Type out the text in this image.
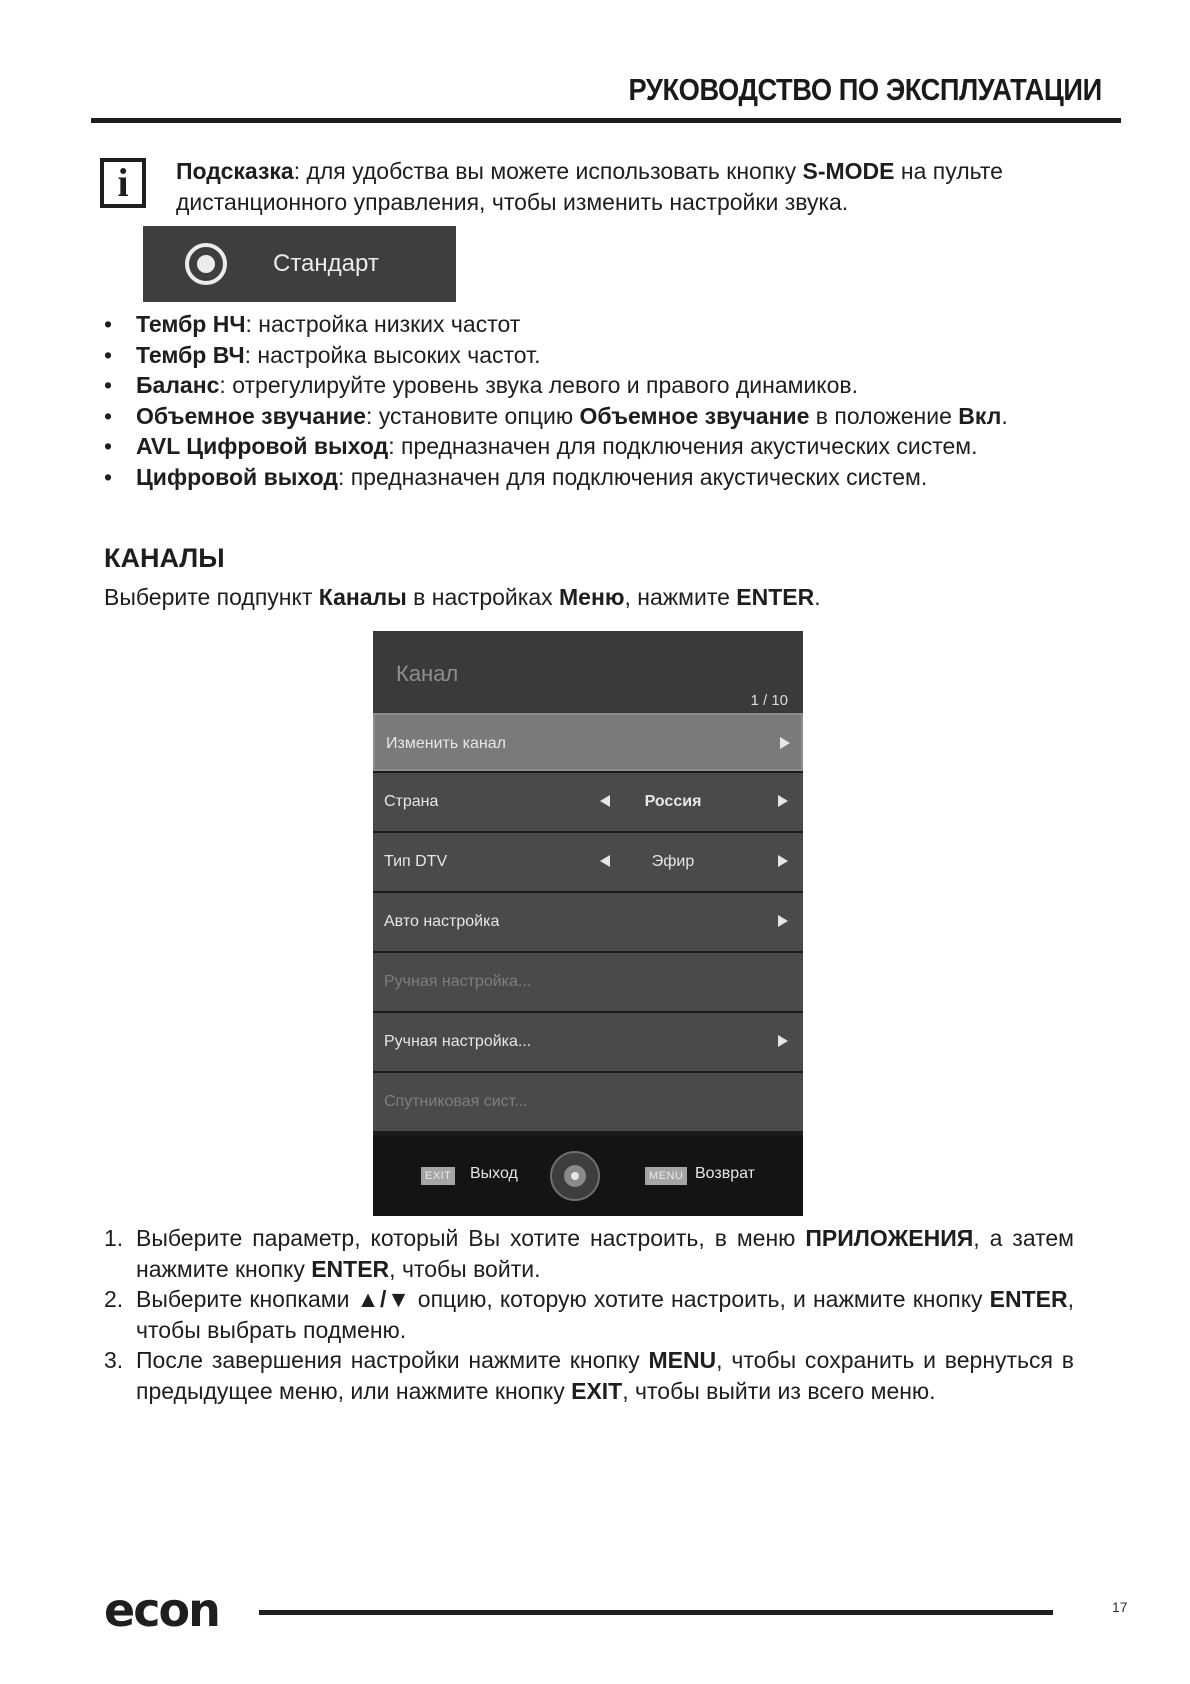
РУКОВОДСТВО ПО ЭКСПЛУАТАЦИИ
i	Подсказка: для удобства вы можете использовать кнопку S-MODE на пульте дистанционного управления, чтобы изменить настройки звука.
Стандарт
• Тембр НЧ: настройка низких частот
• Тембр ВЧ: настройка высоких частот.
• Баланс: отрегулируйте уровень звука левого и правого динамиков.
• Объемное звучание: установите опцию Объемное звучание в положение Вкл.
• AVL Цифровой выход: предназначен для подключения акустических систем.
• Цифровой выход: предназначен для подключения акустических систем.
КАНАЛЫ
Выберите подпункт Каналы в настройках Меню, нажмите ENTER.
Канал
1 / 10
Изменить канал
Страна	Россия
Тип DTV	Эфир
Авто настройка
Ручная настройка...
Ручная настройка...
Спутниковая сист...
EXIT Выход	MENU Возврат
1. Выберите параметр, который Вы хотите настроить, в меню ПРИЛОЖЕНИЯ, а затем нажмите кнопку ENTER, чтобы войти.
2. Выберите кнопками ▲/▼ опцию, которую хотите настроить, и нажмите кнопку ENTER, чтобы выбрать подменю.
3. После завершения настройки нажмите кнопку MENU, чтобы сохранить и вернуться в предыдущее меню, или нажмите кнопку EXIT, чтобы выйти из всего меню.
econ	17
